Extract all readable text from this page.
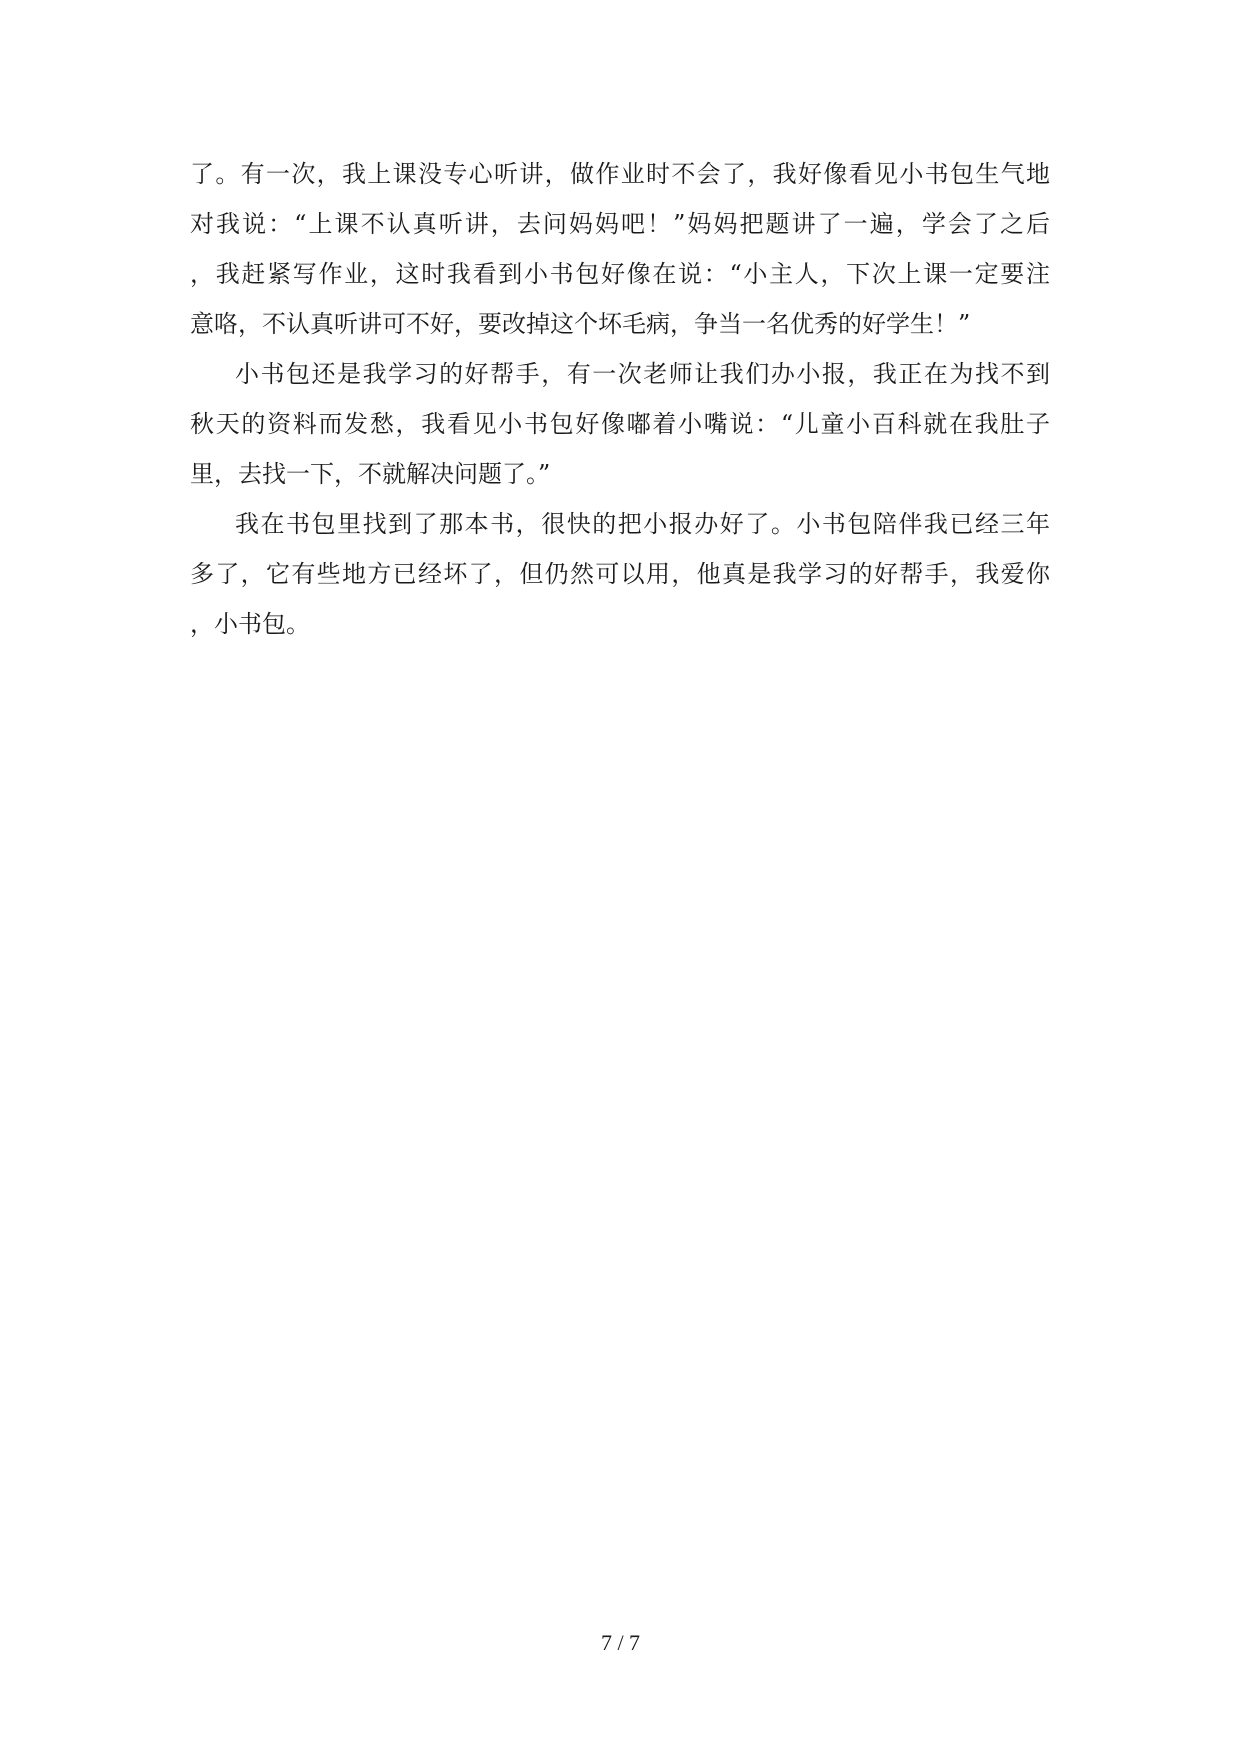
了。有一次，我上课没专心听讲，做作业时不会了，我好像看见小书包生气地
对我说：“上课不认真听讲，去问妈妈吧！”妈妈把题讲了一遍，学会了之后
，我赶紧写作业，这时我看到小书包好像在说：“小主人，下次上课一定要注
意咯，不认真听讲可不好，要改掉这个坏毛病，争当一名优秀的好学生！”
小书包还是我学习的好帮手，有一次老师让我们办小报，我正在为找不到
秋天的资料而发愁，我看见小书包好像嘟着小嘴说：“儿童小百科就在我肚子
里，去找一下，不就解决问题了。”
我在书包里找到了那本书，很快的把小报办好了。小书包陪伴我已经三年
多了，它有些地方已经坏了，但仍然可以用，他真是我学习的好帮手，我爱你
，小书包。
7 / 7
